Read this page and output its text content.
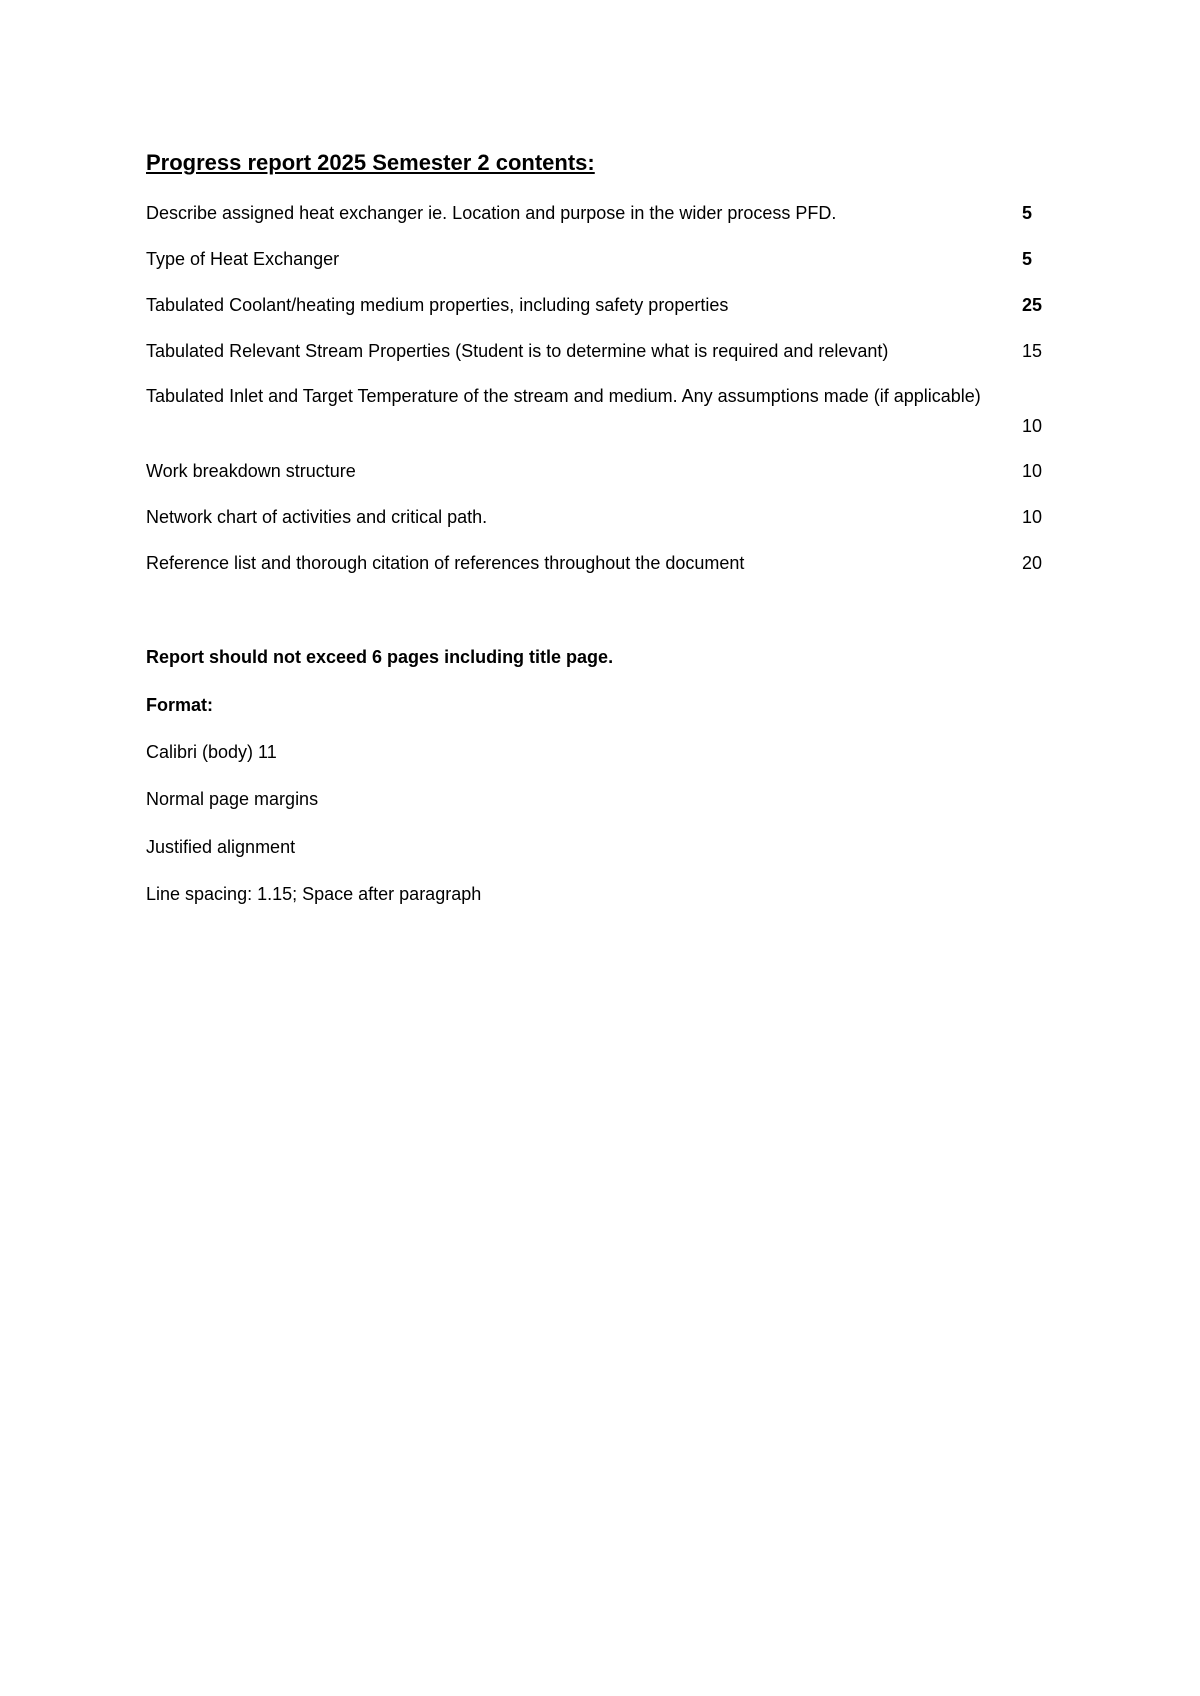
Progress report 2025 Semester 2 contents:
Describe assigned heat exchanger ie. Location and purpose in the wider process PFD.	5
Type of Heat Exchanger	5
Tabulated Coolant/heating medium properties, including safety properties	25
Tabulated Relevant Stream Properties (Student is to determine what is required and relevant)	15
Tabulated Inlet and Target Temperature of the stream and medium. Any assumptions made (if applicable)
10
Work breakdown structure	10
Network chart of activities and critical path.	10
Reference list and thorough citation of references throughout the document	20
Report should not exceed 6 pages including title page.
Format:
Calibri (body) 11
Normal page margins
Justified alignment
Line spacing: 1.15; Space after paragraph
